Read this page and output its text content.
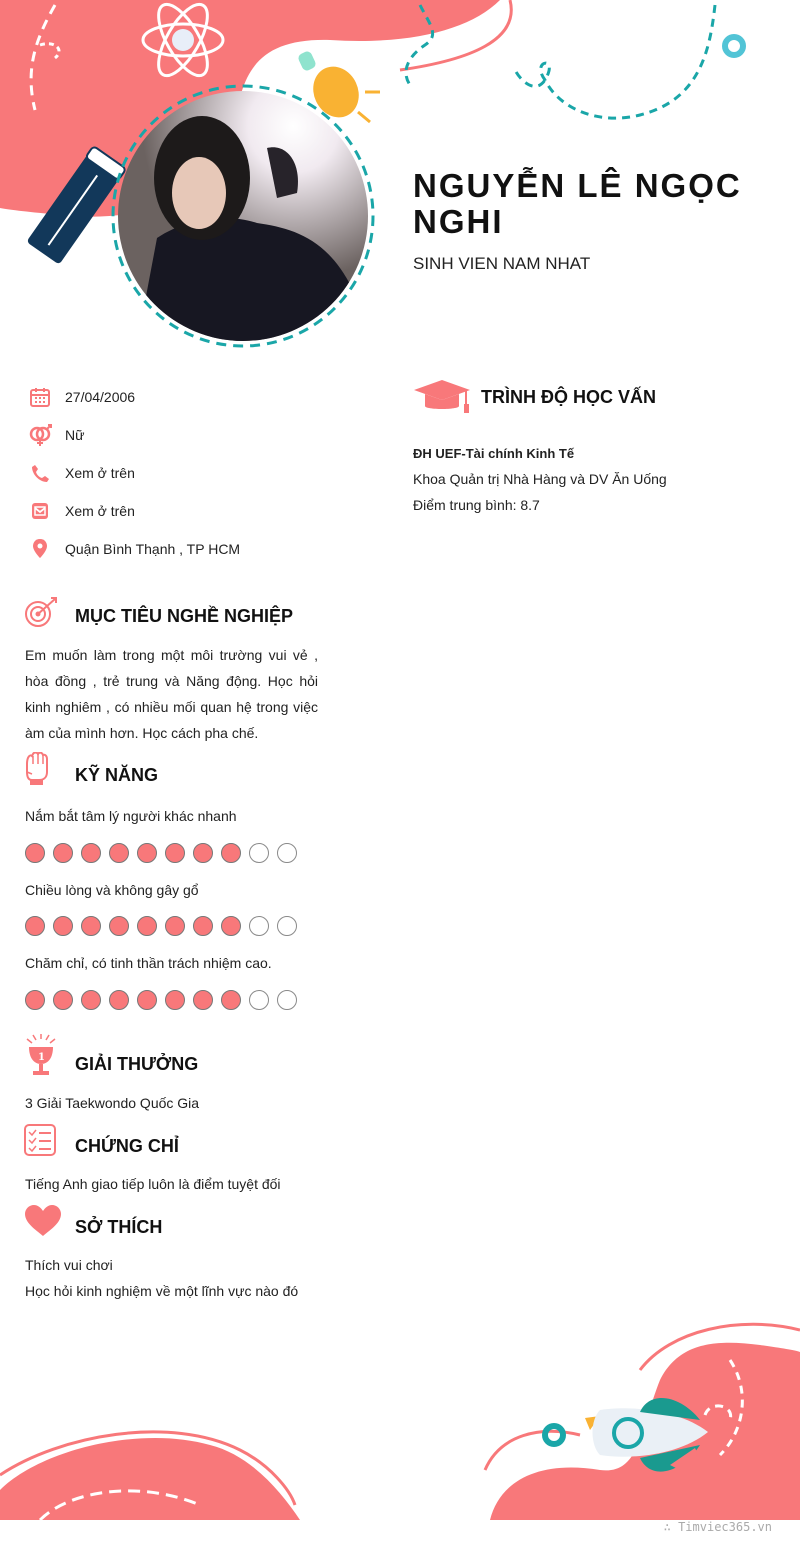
NGUYỄN LÊ NGỌC NGHI
SINH VIEN NAM NHAT
27/04/2006
Nữ
Xem ở trên
Xem ở trên
Quận Bình Thạnh , TP HCM
MỤC TIÊU NGHỀ NGHIỆP
Em muốn làm trong một môi trường vui vẻ , hòa đồng , trẻ trung và Năng động. Học hỏi kinh nghiêm , có nhiều mối quan hệ trong việc àm của mình hơn. Học cách pha chế.
KỸ NĂNG
Nắm bắt tâm lý người khác nhanh
Chiều lòng và không gây gổ
Chăm chỉ, có tinh thần trách nhiệm cao.
1 GIẢI THƯỞNG
3 Giải Taekwondo Quốc Gia
CHỨNG CHỈ
Tiếng Anh giao tiếp luôn là điểm tuyệt đối
SỞ THÍCH
Thích vui chơi
Học hỏi kinh nghiệm về một lĩnh vực nào đó
TRÌNH ĐỘ HỌC VẤN
ĐH UEF-Tài chính Kinh Tế
Khoa Quản trị Nhà Hàng và DV Ăn Uống
Điểm trung bình: 8.7
∴ Timviec365.vn
